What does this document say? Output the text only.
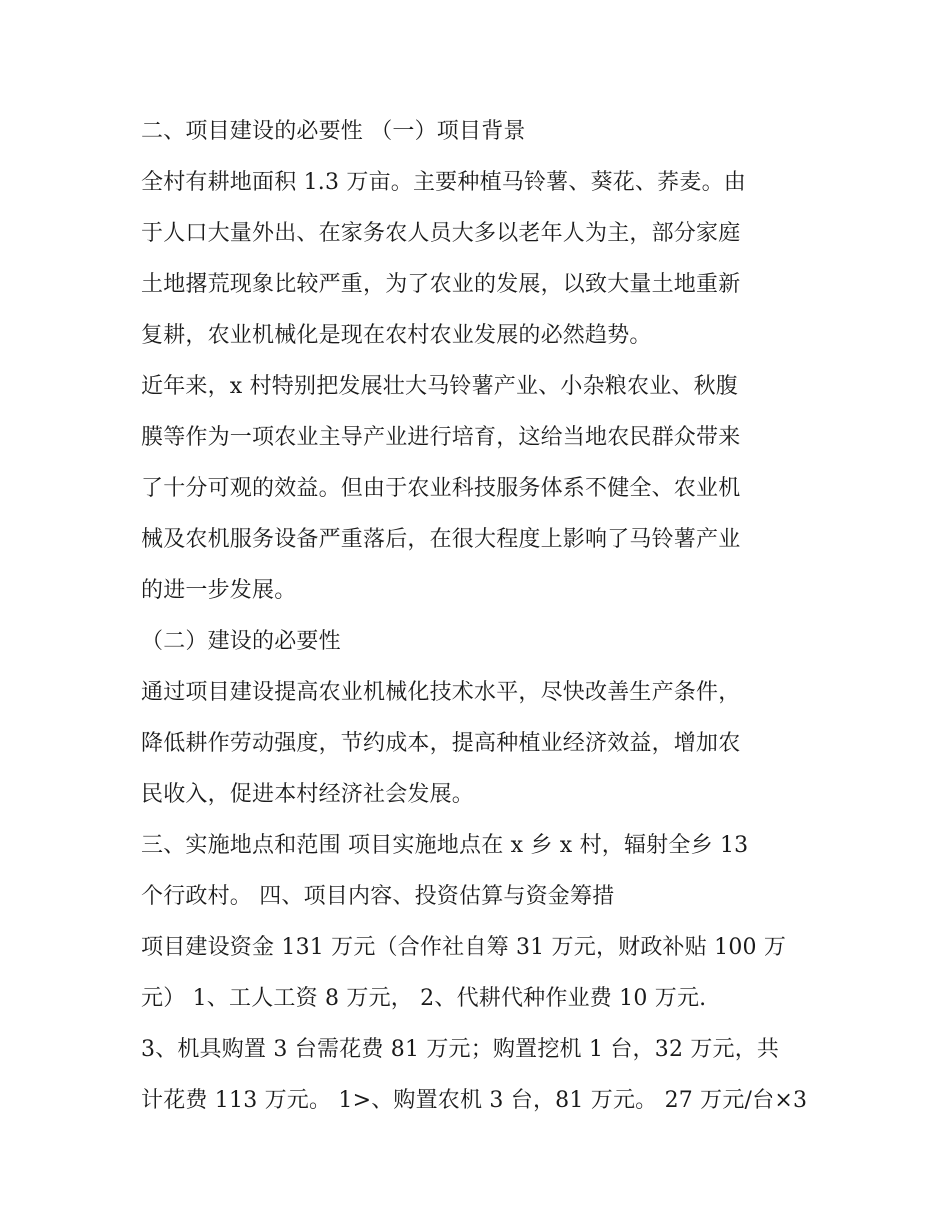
二、项目建设的必要性 （一）项目背景
全村有耕地面积 1.3 万亩。主要种植马铃薯、葵花、荞麦。由
于人口大量外出、在家务农人员大多以老年人为主，部分家庭
土地撂荒现象比较严重，为了农业的发展，以致大量土地重新
复耕，农业机械化是现在农村农业发展的必然趋势。
近年来，x 村特别把发展壮大马铃薯产业、小杂粮农业、秋腹
膜等作为一项农业主导产业进行培育，这给当地农民群众带来
了十分可观的效益。但由于农业科技服务体系不健全、农业机
械及农机服务设备严重落后，在很大程度上影响了马铃薯产业
的进一步发展。
（二）建设的必要性
通过项目建设提高农业机械化技术水平，尽快改善生产条件，
降低耕作劳动强度，节约成本，提高种植业经济效益，增加农
民收入，促进本村经济社会发展。
三、实施地点和范围 项目实施地点在 x 乡 x 村，辐射全乡 13
个行政村。 四、项目内容、投资估算与资金筹措
项目建设资金 131 万元（合作社自筹 31 万元，财政补贴 100 万
元） 1、工人工资 8 万元， 2、代耕代种作业费 10 万元.
3、机具购置 3 台需花费 81 万元；购置挖机 1 台，32 万元，共
计花费 113 万元。 1>、购置农机 3 台，81 万元。 27 万元/台×3
